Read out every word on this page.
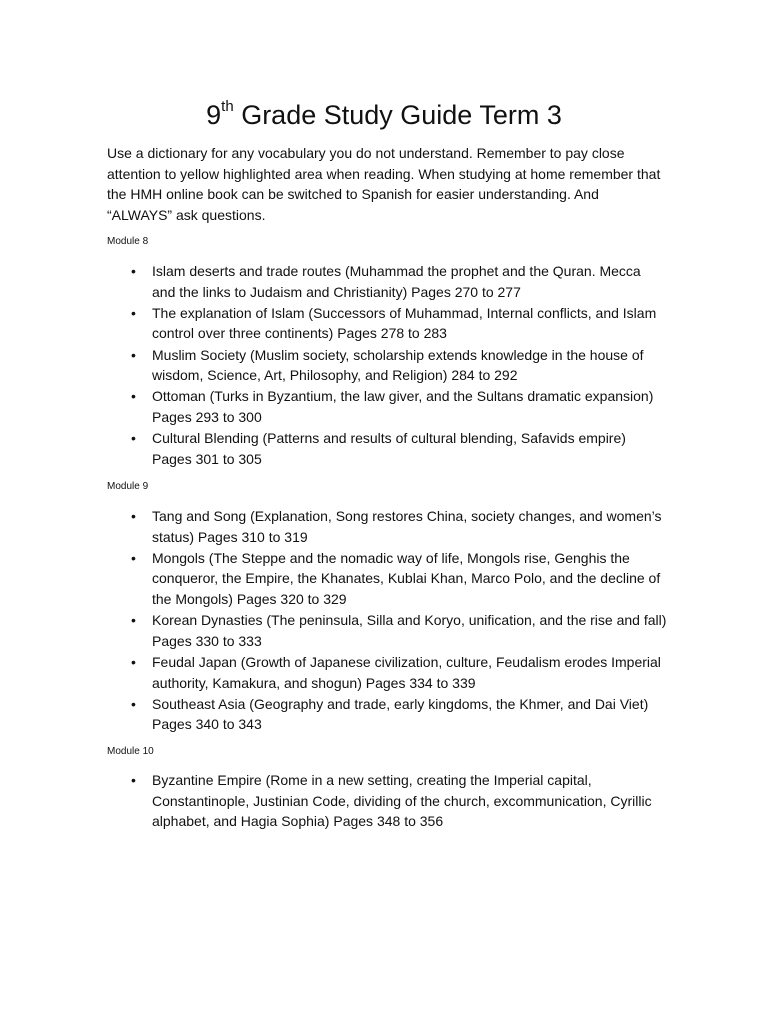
9th Grade Study Guide Term 3

Use a dictionary for any vocabulary you do not understand. Remember to pay close attention to yellow highlighted area when reading. When studying at home remember that the HMH online book can be switched to Spanish for easier understanding. And “ALWAYS” ask questions.

Module 8

• Islam deserts and trade routes (Muhammad the prophet and the Quran. Mecca and the links to Judaism and Christianity) Pages 270 to 277
• The explanation of Islam (Successors of Muhammad, Internal conflicts, and Islam control over three continents) Pages 278 to 283
• Muslim Society (Muslim society, scholarship extends knowledge in the house of wisdom, Science, Art, Philosophy, and Religion) 284 to 292
• Ottoman (Turks in Byzantium, the law giver, and the Sultans dramatic expansion) Pages 293 to 300
• Cultural Blending (Patterns and results of cultural blending, Safavids empire) Pages 301 to 305

Module 9

• Tang and Song (Explanation, Song restores China, society changes, and women’s status) Pages 310 to 319
• Mongols (The Steppe and the nomadic way of life, Mongols rise, Genghis the conqueror, the Empire, the Khanates, Kublai Khan, Marco Polo, and the decline of the Mongols) Pages 320 to 329
• Korean Dynasties (The peninsula, Silla and Koryo, unification, and the rise and fall) Pages 330 to 333
• Feudal Japan (Growth of Japanese civilization, culture, Feudalism erodes Imperial authority, Kamakura, and shogun) Pages 334 to 339
• Southeast Asia (Geography and trade, early kingdoms, the Khmer, and Dai Viet) Pages 340 to 343

Module 10

• Byzantine Empire (Rome in a new setting, creating the Imperial capital, Constantinople, Justinian Code, dividing of the church, excommunication, Cyrillic alphabet, and Hagia Sophia) Pages 348 to 356
